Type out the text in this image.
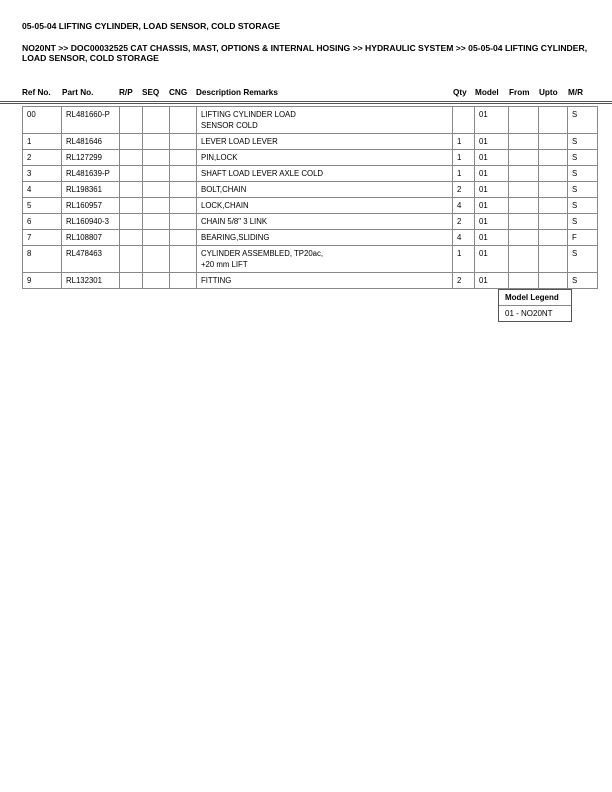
05-05-04 LIFTING CYLINDER, LOAD SENSOR, COLD STORAGE
NO20NT >> DOC00032525 CAT CHASSIS, MAST, OPTIONS & INTERNAL HOSING >> HYDRAULIC SYSTEM >> 05-05-04 LIFTING CYLINDER, LOAD SENSOR, COLD STORAGE
Ref No. Part No.	R/P SEQ CNG Description Remarks	Qty Model From Upto M/R
00	RL481660-P				LIFTING CYLINDER LOAD
SENSOR COLD		01			S
1	RL481646				LEVER LOAD LEVER	1	01			S
2	RL127299				PIN,LOCK	1	01			S
3	RL481639-P				SHAFT LOAD LEVER AXLE COLD	1	01			S
4	RL198361				BOLT,CHAIN	2	01			S
5	RL160957				LOCK,CHAIN	4	01			S
6	RL160940-3				CHAIN 5/8" 3 LINK	2	01			S
7	RL108807				BEARING,SLIDING	4	01			F
8	RL478463				CYLINDER ASSEMBLED, TP20ac,
+20 mm LIFT	1	01			S
9	RL132301				FITTING	2	01			S
Model Legend
01 - NO20NT
